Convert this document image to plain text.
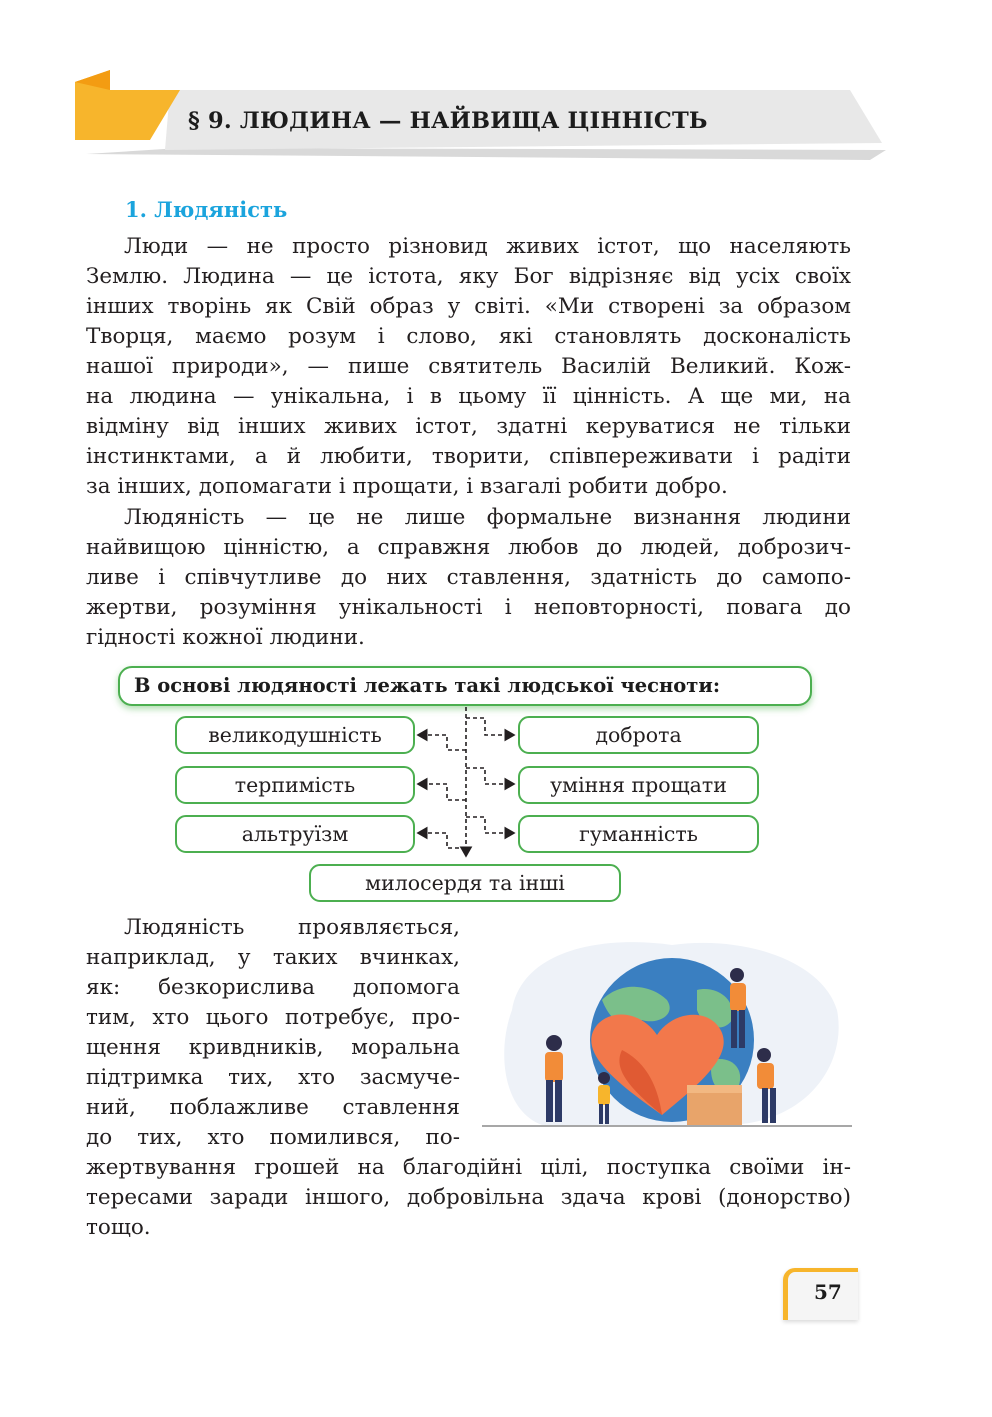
§ 9. ЛЮДИНА — НАЙВИЩА ЦІННІСТЬ
1. Людяність
Люди — не просто різновид живих істот, що населяють
Землю. Людина — це істота, яку Бог відрізняє від усіх своїх
інших творінь як Свій образ у світі. «Ми створені за образом
Творця, маємо розум і слово, які становлять досконалість
нашої природи», — пише святитель Василій Великий. Кож-
на людина — унікальна, і в цьому її цінність. А ще ми, на
відміну від інших живих істот, здатні керуватися не тільки
інстинктами, а й любити, творити, співпереживати і радіти
за інших, допомагати і прощати, і взагалі робити добро.
Людяність — це не лише формальне визнання людини
найвищою цінністю, а справжня любов до людей, доброзич-
ливе і співчутливе до них ставлення, здатність до самопо-
жертви, розуміння унікальності і неповторності, повага до
гідності кожної людини.
В основі людяності лежать такі людської чесноти:
великодушність
терпимість
альтруїзм
доброта
уміння прощати
гуманність
милосердя та інші
Людяність проявляється,
наприклад, у таких вчинках,
як: безкорислива допомога
тим, хто цього потребує, про-
щення кривдників, моральна
підтримка тих, хто засмуче-
ний, поблажливе ставлення
до тих, хто помилився, по-
жертвування грошей на благодійні цілі, поступка своїми ін-
тересами заради іншого, добровільна здача крові (донорство)
тощо.
57
